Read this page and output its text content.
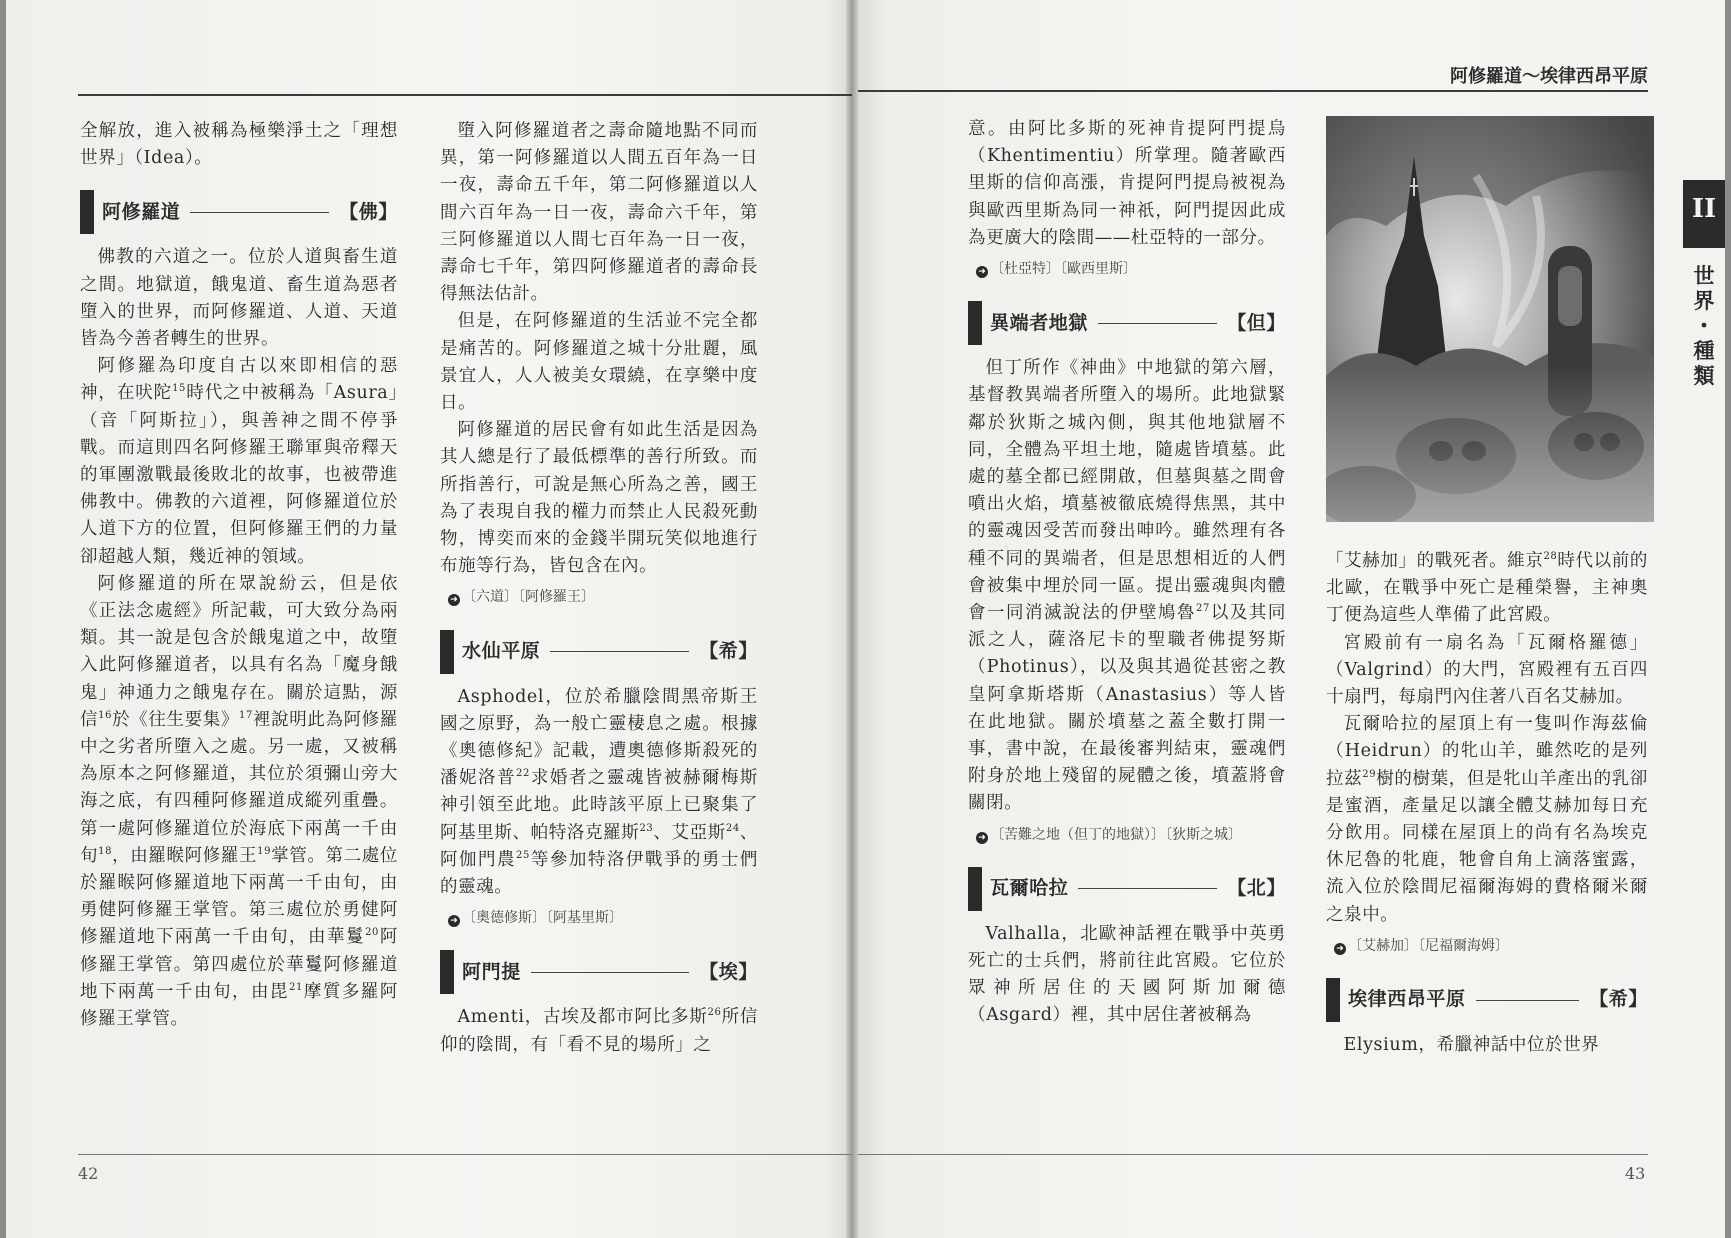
阿修羅道～埃律西昂平原
42	43

全解放，進入被稱為極樂淨土之「理想世界」（Idea）。

阿修羅道	【佛】

佛教的六道之一。位於人道與畜生道之間。地獄道，餓鬼道、畜生道為惡者墮入的世界，而阿修羅道、人道、天道皆為今善者轉生的世界。

阿修羅為印度自古以來即相信的惡神，在吠陀$^{15}$時代之中被稱為「Asura」（音「阿斯拉」），與善神之間不停爭戰。而這則四名阿修羅王聯軍與帝釋天的軍團激戰最後敗北的故事，也被帶進佛教中。佛教的六道裡，阿修羅道位於人道下方的位置，但阿修羅王們的力量卻超越人類，幾近神的領域。

阿修羅道的所在眾說紛云，但是依《正法念處經》所記載，可大致分為兩類。其一說是包含於餓鬼道之中，故墮入此阿修羅道者，以具有名為「魔身餓鬼」神通力之餓鬼存在。關於這點，源信$^{16}$於《往生要集》$^{17}$裡說明此為阿修羅中之劣者所墮入之處。另一處，又被稱為原本之阿修羅道，其位於須彌山旁大海之底，有四種阿修羅道成縱列重疊。第一處阿修羅道位於海底下兩萬一千由旬$^{18}$，由羅睺阿修羅王$^{19}$掌管。第二處位於羅睺阿修羅道地下兩萬一千由旬，由勇健阿修羅王掌管。第三處位於勇健阿修羅道地下兩萬一千由旬，由華鬘$^{20}$阿修羅王掌管。第四處位於華鬘阿修羅道地下兩萬一千由旬，由毘$^{21}$摩質多羅阿修羅王掌管。

墮入阿修羅道者之壽命隨地點不同而異，第一阿修羅道以人間五百年為一日一夜，壽命五千年，第二阿修羅道以人間六百年為一日一夜，壽命六千年，第三阿修羅道以人間七百年為一日一夜，壽命七千年，第四阿修羅道者的壽命長得無法估計。

但是，在阿修羅道的生活並不完全都是痛苦的。阿修羅道之城十分壯麗，風景宜人，人人被美女環繞，在享樂中度日。

阿修羅道的居民會有如此生活是因為其人總是行了最低標準的善行所致。而所指善行，可說是無心所為之善，國王為了表現自我的權力而禁止人民殺死動物，博奕而來的金錢半開玩笑似地進行布施等行為，皆包含在內。

➜ 〔六道〕〔阿修羅王〕
水仙平原	【希】

Asphodel，位於希臘陰間黑帝斯王國之原野，為一般亡靈棲息之處。根據《奧德修紀》記載，遭奧德修斯殺死的潘妮洛普$^{22}$求婚者之靈魂皆被赫爾梅斯神引領至此地。此時該平原上已聚集了阿基里斯、帕特洛克羅斯$^{23}$、艾亞斯$^{24}$、阿伽門農$^{25}$等參加特洛伊戰爭的勇士們的靈魂。

➜ 〔奧德修斯〕〔阿基里斯〕
阿門提	【埃】

Amenti，古埃及都市阿比多斯$^{26}$所信仰的陰間，有「看不見的場所」之

意。由阿比多斯的死神肯提阿門提烏（Khentimentiu）所掌理。隨著歐西里斯的信仰高漲，肯提阿門提烏被視為與歐西里斯為同一神祇，阿門提因此成為更廣大的陰間——杜亞特的一部分。

➜ 〔杜亞特〕〔歐西里斯〕
異端者地獄	【但】

但丁所作《神曲》中地獄的第六層，基督教異端者所墮入的場所。此地獄緊鄰於狄斯之城內側，與其他地獄層不同，全體為平坦土地，隨處皆墳墓。此處的墓全都已經開啟，但墓與墓之間會噴出火焰，墳墓被徹底燒得焦黑，其中的靈魂因受苦而發出呻吟。雖然理有各種不同的異端者，但是思想相近的人們會被集中埋於同一區。提出靈魂與肉體會一同消滅說法的伊壁鳩魯$^{27}$以及其同派之人，薩洛尼卡的聖職者佛提努斯（Photinus），以及與其過從甚密之教皇阿拿斯塔斯（Anastasius）等人皆在此地獄。關於墳墓之蓋全數打開一事，書中說，在最後審判結束，靈魂們附身於地上殘留的屍體之後，墳蓋將會關閉。

➜ 〔苦難之地（但丁的地獄）〕〔狄斯之城〕
瓦爾哈拉	【北】

Valhalla，北歐神話裡在戰爭中英勇死亡的士兵們，將前往此宮殿。它位於眾神所居住的天國阿斯加爾德（Asgard）裡，其中居住著被稱為

II
世
界
・
種
類

「艾赫加」的戰死者。維京$^{28}$時代以前的北歐，在戰爭中死亡是種榮譽，主神奧丁便為這些人準備了此宮殿。

宮殿前有一扇名為「瓦爾格羅德」（Valgrind）的大門，宮殿裡有五百四十扇門，每扇門內住著八百名艾赫加。

瓦爾哈拉的屋頂上有一隻叫作海茲倫（Heidrun）的牝山羊，雖然吃的是列拉茲$^{29}$樹的樹葉，但是牝山羊產出的乳卻是蜜酒，產量足以讓全體艾赫加每日充分飲用。同樣在屋頂上的尚有名為埃克休尼魯的牝鹿，牠會自角上滴落蜜露，流入位於陰間尼福爾海姆的費格爾米爾之泉中。

➜ 〔艾赫加〕〔尼福爾海姆〕
埃律西昂平原	【希】

Elysium，希臘神話中位於世界
